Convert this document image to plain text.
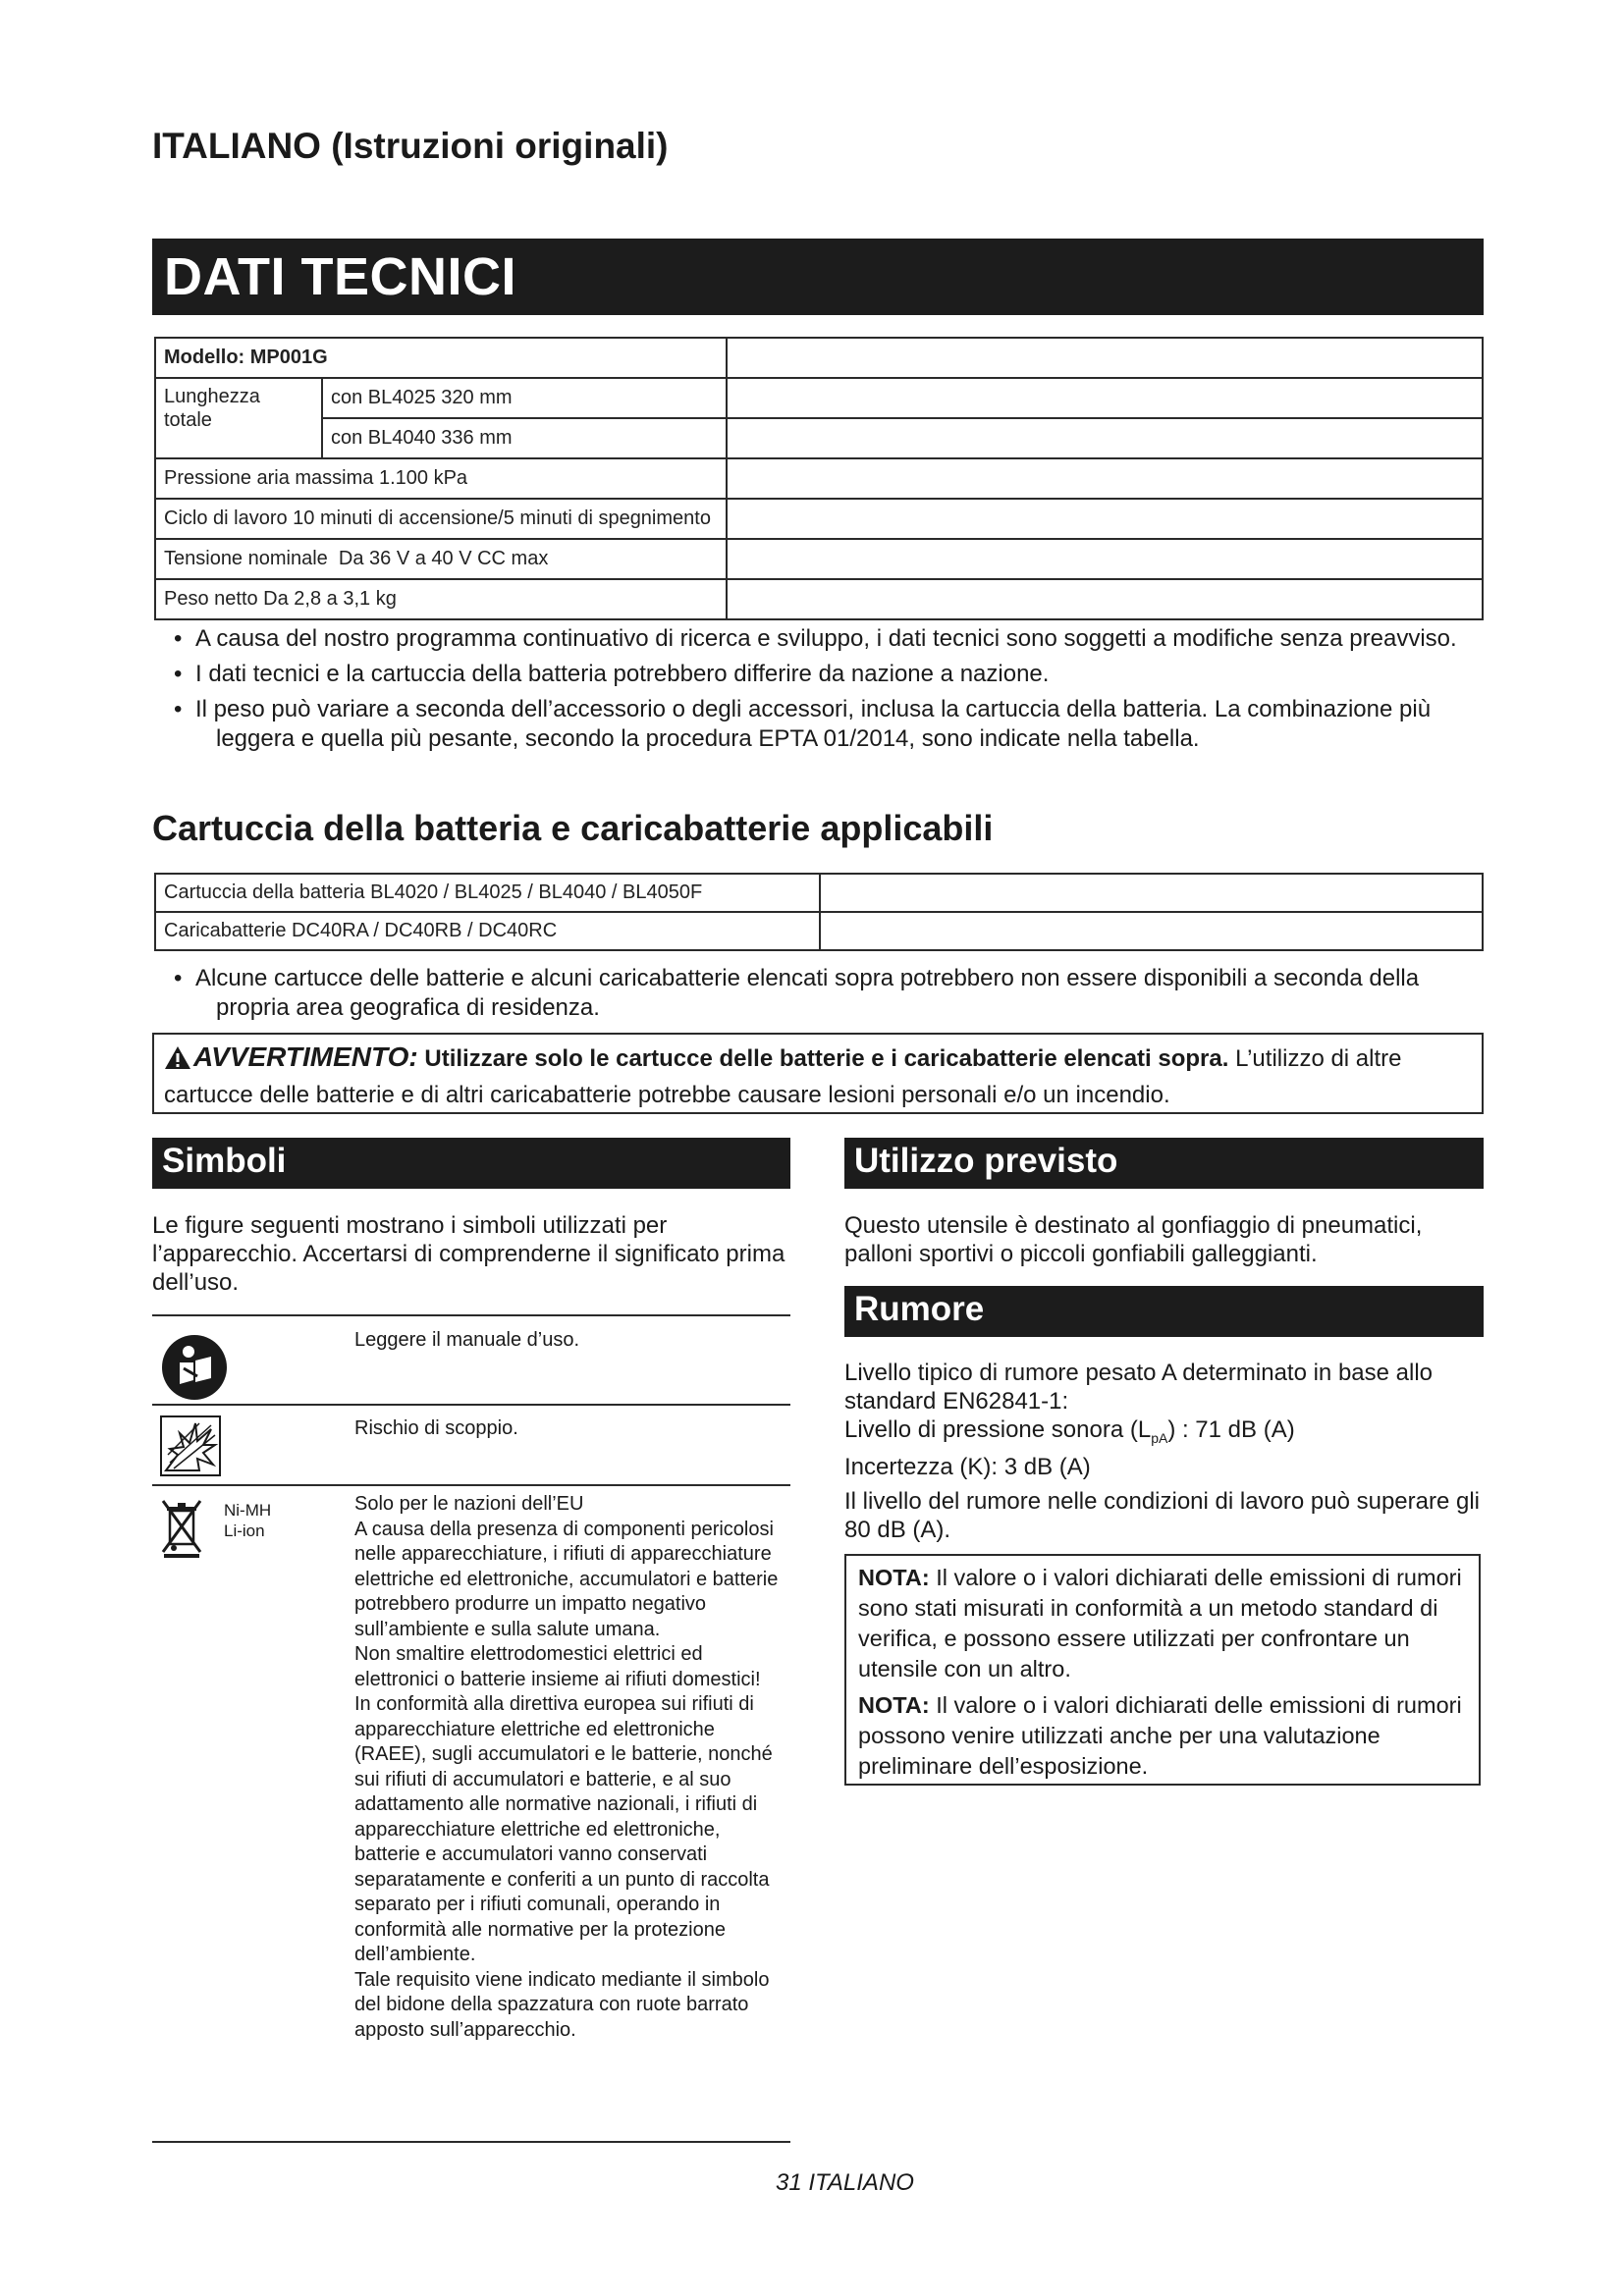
ITALIANO (Istruzioni originali)
DATI TECNICI
Modello: MP001G		
Lunghezza totale	con BL4025 320 mm	
	con BL4040 336 mm	
Pressione aria massima 1.100 kPa		
Ciclo di lavoro 10 minuti di accensione/5 minuti di spegnimento		
Tensione nominale  Da 36 V a 40 V CC max		
Peso netto Da 2,8 a 3,1 kg		
• A causa del nostro programma continuativo di ricerca e sviluppo, i dati tecnici sono soggetti a modifiche senza preavviso.
• I dati tecnici e la cartuccia della batteria potrebbero differire da nazione a nazione.
• Il peso può variare a seconda dell’accessorio o degli accessori, inclusa la cartuccia della batteria. La combinazione più leggera e quella più pesante, secondo la procedura EPTA 01/2014, sono indicate nella tabella.
Cartuccia della batteria e caricabatterie applicabili
Cartuccia della batteria BL4020 / BL4025 / BL4040 / BL4050F	
Caricabatterie DC40RA / DC40RB / DC40RC	
• Alcune cartucce delle batterie e alcuni caricabatterie elencati sopra potrebbero non essere disponibili a seconda della propria area geografica di residenza.
AVVERTIMENTO: Utilizzare solo le cartucce delle batterie e i caricabatterie elencati sopra. L’utilizzo di altre cartucce delle batterie e di altri caricabatterie potrebbe causare lesioni personali e/o un incendio.
Simboli
Le figure seguenti mostrano i simboli utilizzati per l’apparecchio. Accertarsi di comprenderne il significato prima dell’uso.
Leggere il manuale d’uso.
Rischio di scoppio.
Ni-MH
Li-ion
Solo per le nazioni dell’EU
A causa della presenza di componenti pericolosi nelle apparecchiature, i rifiuti di apparecchiature elettriche ed elettroniche, accumulatori e batterie potrebbero produrre un impatto negativo sull’ambiente e sulla salute umana.
Non smaltire elettrodomestici elettrici ed elettronici o batterie insieme ai rifiuti domestici!
In conformità alla direttiva europea sui rifiuti di apparecchiature elettriche ed elettroniche (RAEE), sugli accumulatori e le batterie, nonché sui rifiuti di accumulatori e batterie, e al suo adattamento alle normative nazionali, i rifiuti di apparecchiature elettriche ed elettroniche, batterie e accumulatori vanno conservati separatamente e conferiti a un punto di raccolta separato per i rifiuti comunali, operando in conformità alle normative per la protezione dell’ambiente.
Tale requisito viene indicato mediante il simbolo del bidone della spazzatura con ruote barrato apposto sull’apparecchio.
Utilizzo previsto
Questo utensile è destinato al gonfiaggio di pneumatici, palloni sportivi o piccoli gonfiabili galleggianti.
Rumore
Livello tipico di rumore pesato A determinato in base allo standard EN62841-1:
Livello di pressione sonora $(L_{pA})$ : 71 dB (A)
Incertezza (K): 3 dB (A)
Il livello del rumore nelle condizioni di lavoro può superare gli 80 dB (A).

NOTA: Il valore o i valori dichiarati delle emissioni di rumori sono stati misurati in conformità a un metodo standard di verifica, e possono essere utilizzati per confrontare un utensile con un altro.

NOTA: Il valore o i valori dichiarati delle emissioni di rumori possono venire utilizzati anche per una valutazione preliminare dell’esposizione.

31 ITALIANO
